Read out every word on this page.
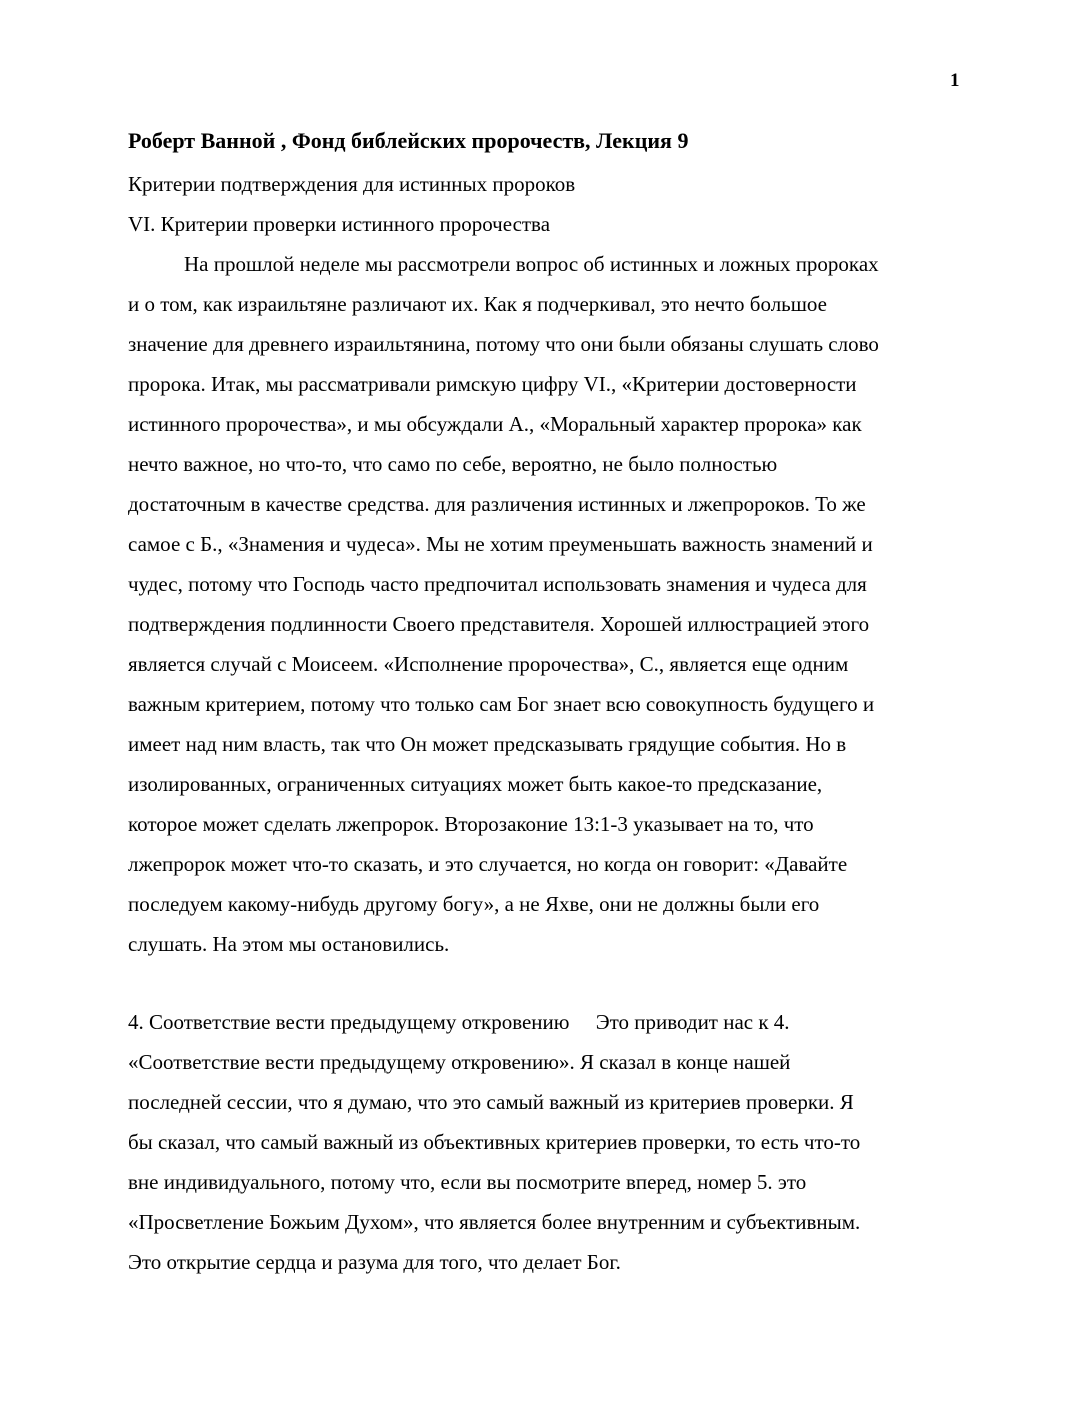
1
Роберт Ванной , Фонд библейских пророчеств, Лекция 9
Критерии подтверждения для истинных пророков
VI. Критерии проверки истинного пророчества
На прошлой неделе мы рассмотрели вопрос об истинных и ложных пророках
и о том, как израильтяне различают их. Как я подчеркивал, это нечто большое
значение для древнего израильтянина, потому что они были обязаны слушать слово
пророка. Итак, мы рассматривали римскую цифру VI., «Критерии достоверности
истинного пророчества», и мы обсуждали А., «Моральный характер пророка» как
нечто важное, но что-то, что само по себе, вероятно, не было полностью
достаточным в качестве средства. для различения истинных и лжепророков. То же
самое с Б., «Знамения и чудеса». Мы не хотим преуменьшать важность знамений и
чудес, потому что Господь часто предпочитал использовать знамения и чудеса для
подтверждения подлинности Своего представителя. Хорошей иллюстрацией этого
является случай с Моисеем. «Исполнение пророчества», С., является еще одним
важным критерием, потому что только сам Бог знает всю совокупность будущего и
имеет над ним власть, так что Он может предсказывать грядущие события. Но в
изолированных, ограниченных ситуациях может быть какое-то предсказание,
которое может сделать лжепророк. Второзаконие 13:1-3 указывает на то, что
лжепророк может что-то сказать, и это случается, но когда он говорит: «Давайте
последуем какому-нибудь другому богу», а не Яхве, они не должны были его
слушать. На этом мы остановились.
4. Соответствие вести предыдущему откровению     Это приводит нас к 4.
«Соответствие вести предыдущему откровению». Я сказал в конце нашей
последней сессии, что я думаю, что это самый важный из критериев проверки. Я
бы сказал, что самый важный из объективных критериев проверки, то есть что-то
вне индивидуального, потому что, если вы посмотрите вперед, номер 5. это
«Просветление Божьим Духом», что является более внутренним и субъективным.
Это открытие сердца и разума для того, что делает Бог.
